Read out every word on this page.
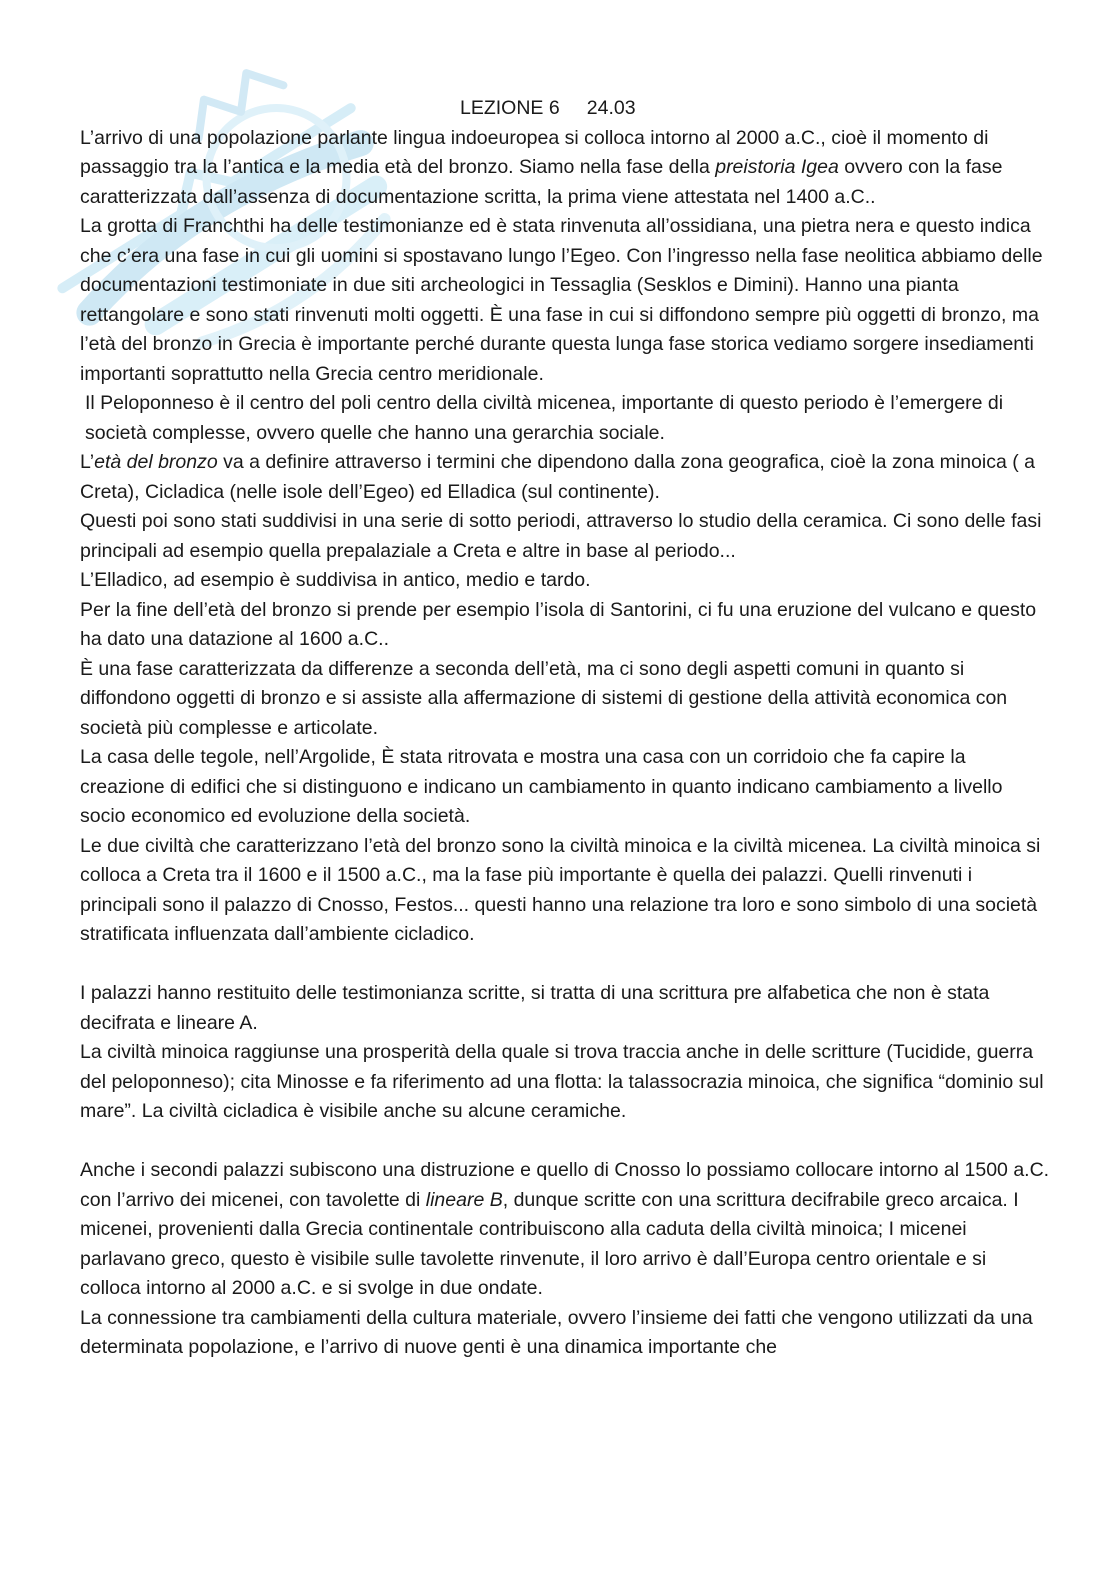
LEZIONE 6     24.03

L’arrivo di una popolazione parlante lingua indoeuropea si colloca intorno al 2000 a.C., cioè il momento di passaggio tra la l’antica e la media età del bronzo. Siamo nella fase della preistoria Igea ovvero con la fase caratterizzata dall’assenza di documentazione scritta, la prima viene attestata nel 1400 a.C..

La grotta di Franchthi ha delle testimonianze ed è stata rinvenuta all’ossidiana, una pietra nera e questo indica che c’era una fase in cui gli uomini si spostavano lungo l’Egeo. Con l’ingresso nella fase neolitica abbiamo delle documentazioni testimoniate in due siti archeologici in Tessaglia (Sesklos e Dimini). Hanno una pianta rettangolare e sono stati rinvenuti molti oggetti. È una fase in cui si diffondono sempre più oggetti di bronzo, ma l’età del bronzo in Grecia è importante perché durante questa lunga fase storica vediamo sorgere insediamenti importanti soprattutto nella Grecia centro meridionale.

Il Peloponneso è il centro del poli centro della civiltà micenea, importante di questo periodo è l’emergere di società complesse, ovvero quelle che hanno una gerarchia sociale.

L’età del bronzo va a definire attraverso i termini che dipendono dalla zona geografica, cioè la zona minoica ( a Creta), Cicladica (nelle isole dell’Egeo) ed Elladica (sul continente).

Questi poi sono stati suddivisi in una serie di sotto periodi, attraverso lo studio della ceramica. Ci sono delle fasi principali ad esempio quella prepalaziale a Creta e altre in base al periodo...

L’Elladico, ad esempio è suddivisa in antico, medio e tardo.

Per la fine dell’età del bronzo si prende per esempio l’isola di Santorini, ci fu una eruzione del vulcano e questo ha dato una datazione al 1600 a.C..

È una fase caratterizzata da differenze a seconda dell’età, ma ci sono degli aspetti comuni in quanto si diffondono oggetti di bronzo e si assiste alla affermazione di sistemi di gestione della attività economica con società più complesse e articolate.

La casa delle tegole, nell’Argolide, È stata ritrovata e mostra una casa con un corridoio che fa capire la creazione di edifici che si distinguono e indicano un cambiamento in quanto indicano cambiamento a livello socio economico ed evoluzione della società.

Le due civiltà che caratterizzano l’età del bronzo sono la civiltà minoica e la civiltà micenea. La civiltà minoica si colloca a Creta tra il 1600 e il 1500 a.C., ma la fase più importante è quella dei palazzi. Quelli rinvenuti i principali sono il palazzo di Cnosso, Festos... questi hanno una relazione tra loro e sono simbolo di una società stratificata influenzata dall’ambiente cicladico.

I palazzi hanno restituito delle testimonianza scritte, si tratta di una scrittura pre alfabetica che non è stata decifrata e lineare A.

La civiltà minoica raggiunse una prosperità della quale si trova traccia anche in delle scritture (Tucidide, guerra del peloponneso); cita Minosse e fa riferimento ad una flotta: la talassocrazia minoica, che significa “dominio sul mare”. La civiltà cicladica è visibile anche su alcune ceramiche.

Anche i secondi palazzi subiscono una distruzione e quello di Cnosso lo possiamo collocare intorno al 1500 a.C. con l’arrivo dei micenei, con tavolette di lineare B, dunque scritte con una scrittura decifrabile greco arcaica. I micenei, provenienti dalla Grecia continentale contribuiscono alla caduta della civiltà minoica; I micenei parlavano greco, questo è visibile sulle tavolette rinvenute, il loro arrivo è dall’Europa centro orientale e si colloca intorno al 2000 a.C. e si svolge in due ondate.

La connessione tra cambiamenti della cultura materiale, ovvero l’insieme dei fatti che vengono utilizzati da una determinata popolazione, e l’arrivo di nuove genti è una dinamica importante che
